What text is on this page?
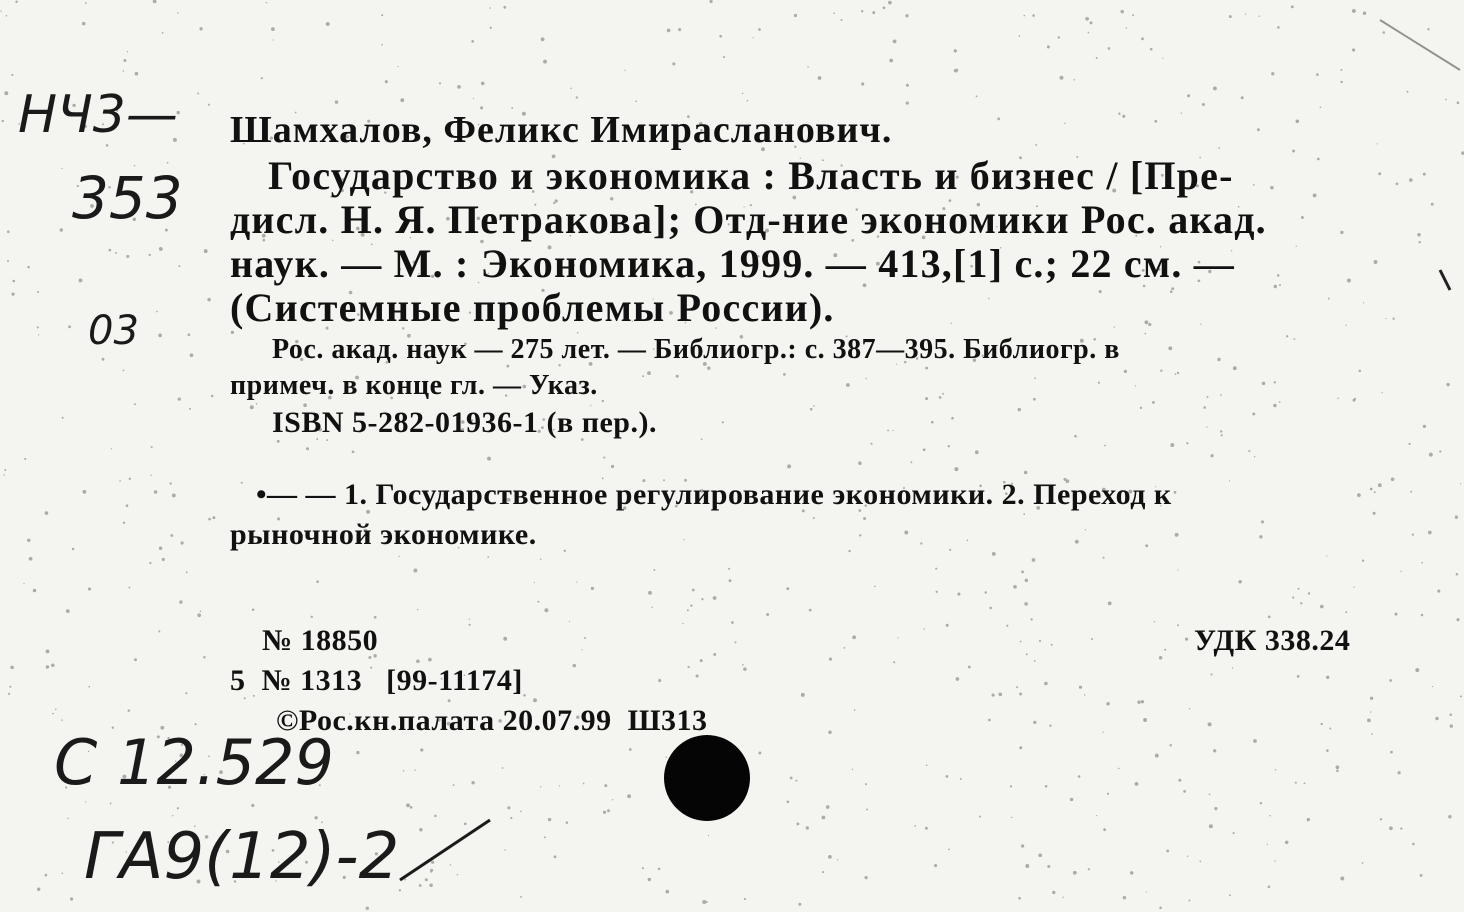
НЧ3—
353
03
С 12.529
ГА9(12)-2
Шамхалов, Феликс Имирасланович.
Государство и экономика : Власть и бизнес / [Пре-
дисл. Н. Я. Петракова]; Отд-ние экономики Рос. акад.
наук. — М. : Экономика, 1999. — 413,[1] с.; 22 см. —
(Системные проблемы России).
Рос. акад. наук — 275 лет. — Библиогр.: с. 387—395. Библиогр. в
примеч. в конце гл. — Указ.
ISBN 5-282-01936-1 (в пер.).
•— — 1. Государственное регулирование экономики. 2. Переход к
рыночной экономике.
№ 18850
5  № 1313   [99-11174]
©Рос.кн.палата 20.07.99  Ш313
УДК 338.24
